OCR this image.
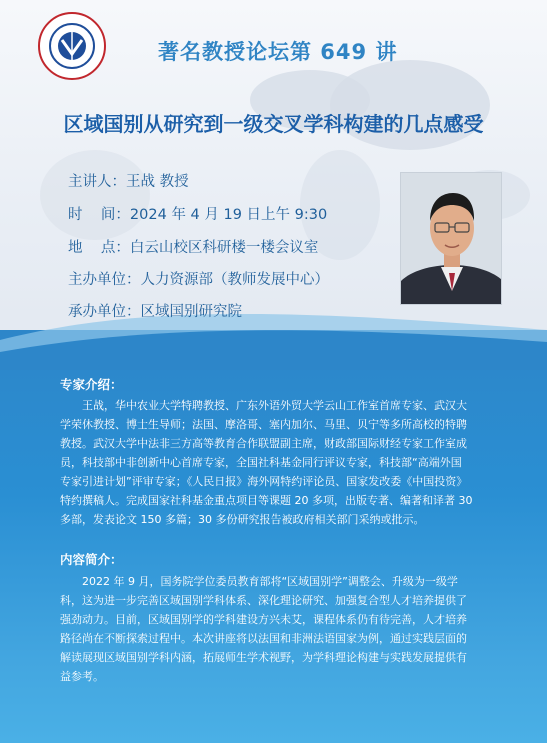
著名教授论坛第 649 讲
区域国别从研究到一级交叉学科构建的几点感受
主讲人：王战 教授
时    间：2024 年 4 月 19 日上午 9:30
地    点：白云山校区科研楼一楼会议室
主办单位：人力资源部（教师发展中心）
承办单位：区域国别研究院
专家介绍：
王战，华中农业大学特聘教授、广东外语外贸大学云山工作室首席专家、武汉大
学荣休教授、博士生导师；法国、摩洛哥、塞内加尔、马里、贝宁等多所高校的特聘
教授。武汉大学中法非三方高等教育合作联盟副主席，财政部国际财经专家工作室成
员，科技部中非创新中心首席专家，全国社科基金同行评议专家，科技部“高端外国
专家引进计划”评审专家；《人民日报》海外网特约评论员、国家发改委《中国投资》
特约撰稿人。完成国家社科基金重点项目等课题 20 多项，出版专著、编著和译著 30
多部，发表论文 150 多篇；30 多份研究报告被政府相关部门采纳或批示。
内容简介：
2022 年 9 月，国务院学位委员教育部将“区域国别学”调整会、升级为一级学
科，这为进一步完善区域国别学科体系、深化理论研究、加强复合型人才培养提供了
强劲动力。目前，区域国别学的学科建设方兴未艾，课程体系仍有待完善，人才培养
路径尚在不断探索过程中。本次讲座将以法国和非洲法语国家为例，通过实践层面的
解读展现区域国别学科内涵，拓展师生学术视野，为学科理论构建与实践发展提供有
益参考。
